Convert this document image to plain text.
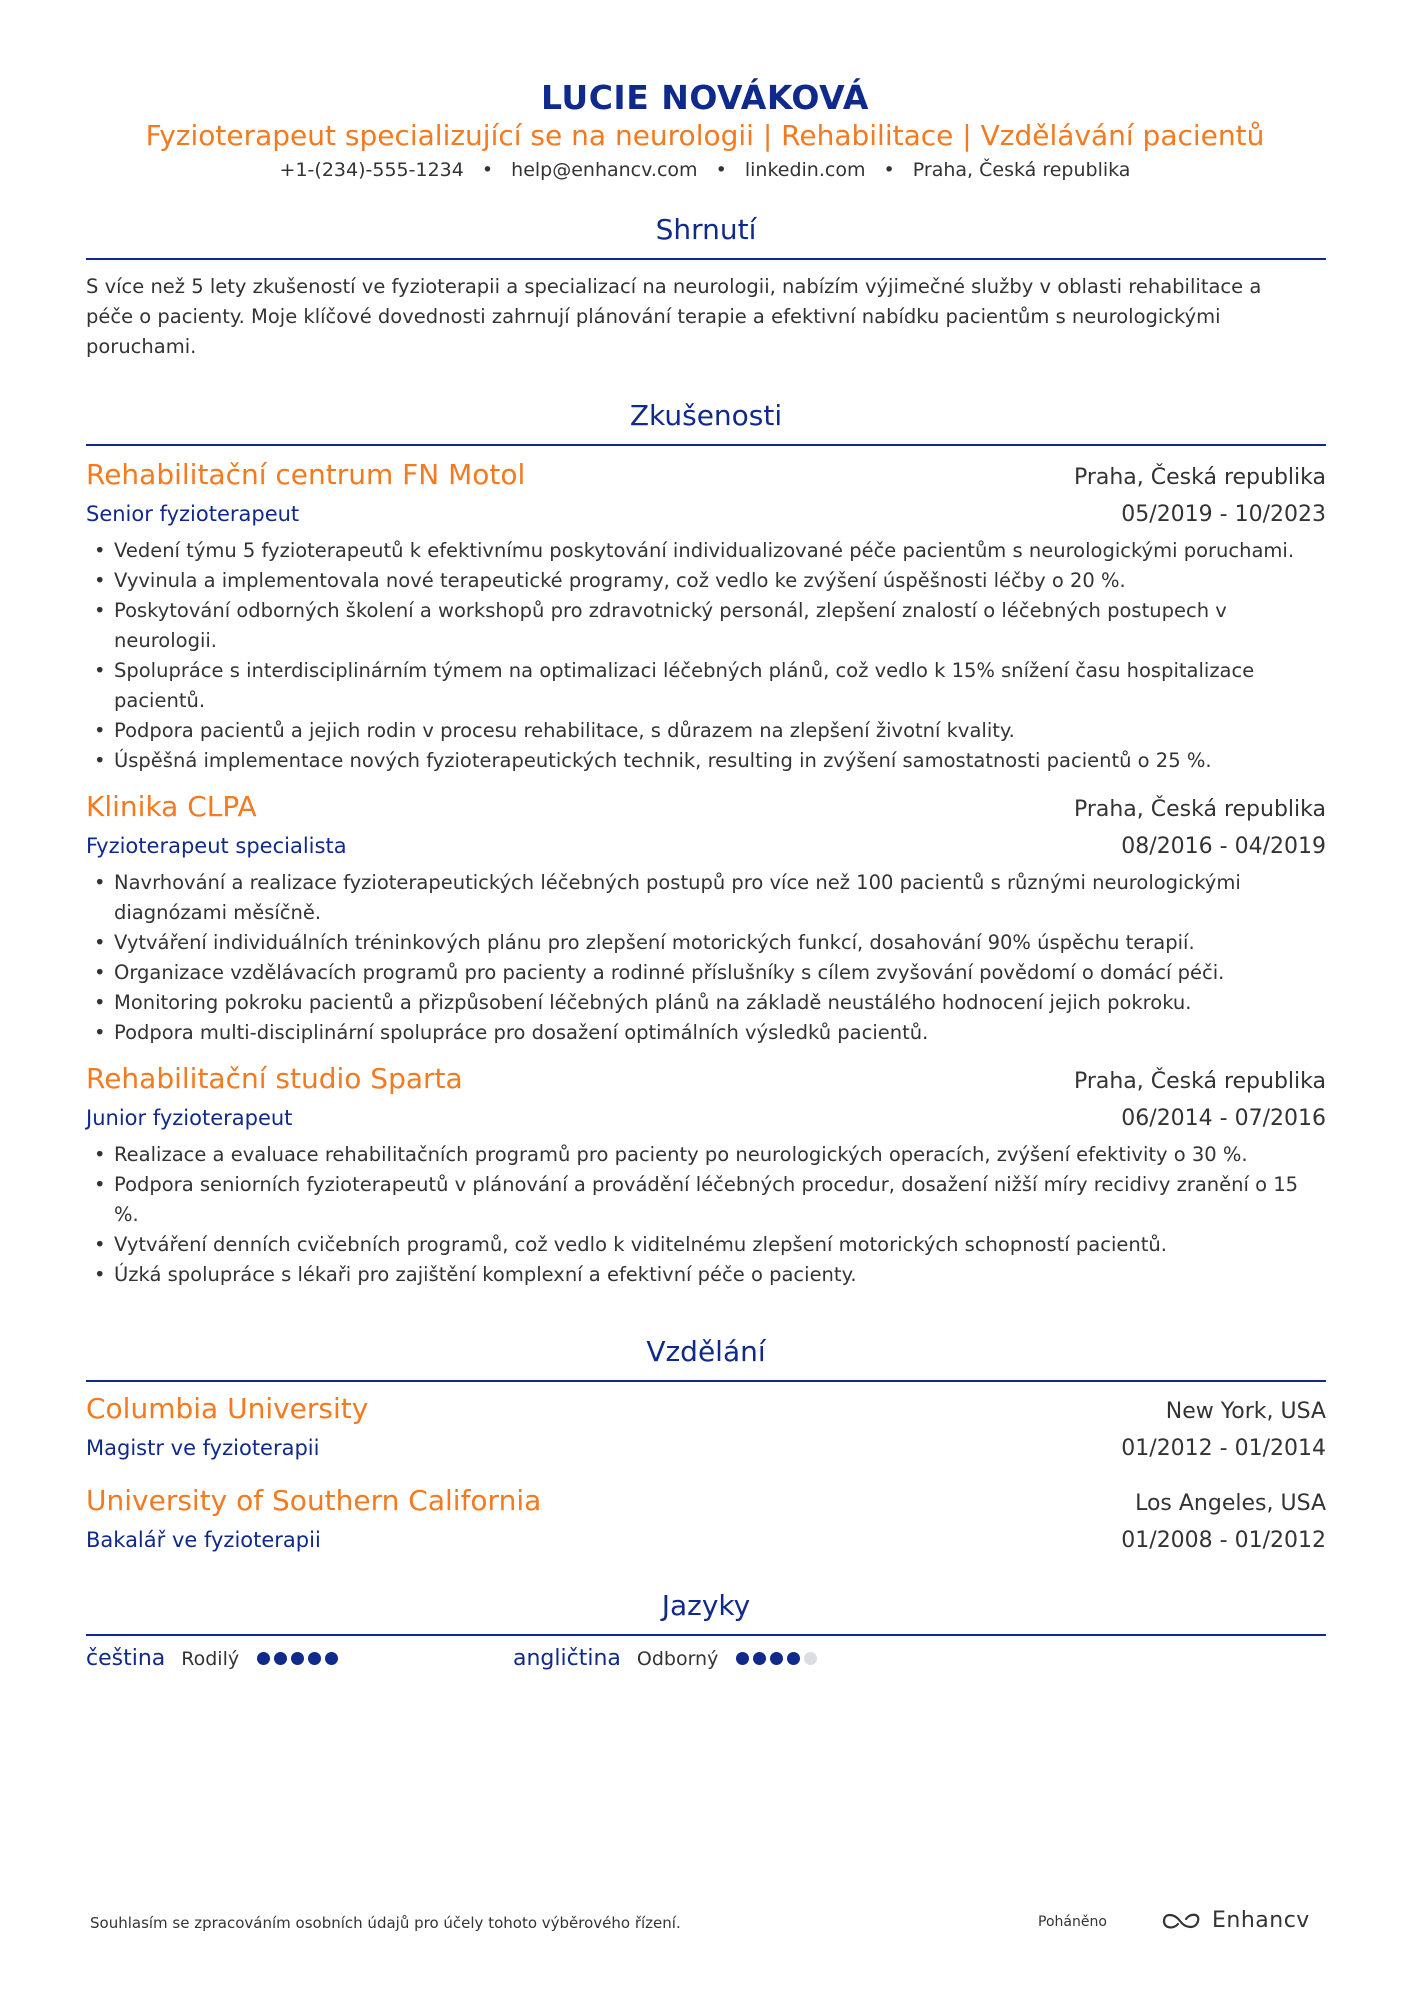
LUCIE NOVÁKOVÁ
Fyzioterapeut specializující se na neurologii | Rehabilitace | Vzdělávání pacientů
+1-(234)-555-1234 • help@enhancv.com • linkedin.com • Praha, Česká republika
Shrnutí
S více než 5 lety zkušeností ve fyzioterapii a specializací na neurologii, nabízím výjimečné služby v oblasti rehabilitace a péče o pacienty. Moje klíčové dovednosti zahrnují plánování terapie a efektivní nabídku pacientům s neurologickými poruchami.
Zkušenosti
Rehabilitační centrum FN Motol	Praha, Česká republika
Senior fyzioterapeut	05/2019 - 10/2023
• Vedení týmu 5 fyzioterapeutů k efektivnímu poskytování individualizované péče pacientům s neurologickými poruchami.
• Vyvinula a implementovala nové terapeutické programy, což vedlo ke zvýšení úspěšnosti léčby o 20 %.
• Poskytování odborných školení a workshopů pro zdravotnický personál, zlepšení znalostí o léčebných postupech v neurologii.
• Spolupráce s interdisciplinárním týmem na optimalizaci léčebných plánů, což vedlo k 15% snížení času hospitalizace pacientů.
• Podpora pacientů a jejich rodin v procesu rehabilitace, s důrazem na zlepšení životní kvality.
• Úspěšná implementace nových fyzioterapeutických technik, resulting in zvýšení samostatnosti pacientů o 25 %.
Klinika CLPA	Praha, Česká republika
Fyzioterapeut specialista	08/2016 - 04/2019
• Navrhování a realizace fyzioterapeutických léčebných postupů pro více než 100 pacientů s různými neurologickými diagnózami měsíčně.
• Vytváření individuálních tréninkových plánu pro zlepšení motorických funkcí, dosahování 90% úspěchu terapií.
• Organizace vzdělávacích programů pro pacienty a rodinné příslušníky s cílem zvyšování povědomí o domácí péči.
• Monitoring pokroku pacientů a přizpůsobení léčebných plánů na základě neustálého hodnocení jejich pokroku.
• Podpora multi-disciplinární spolupráce pro dosažení optimálních výsledků pacientů.
Rehabilitační studio Sparta	Praha, Česká republika
Junior fyzioterapeut	06/2014 - 07/2016
• Realizace a evaluace rehabilitačních programů pro pacienty po neurologických operacích, zvýšení efektivity o 30 %.
• Podpora seniorních fyzioterapeutů v plánování a provádění léčebných procedur, dosažení nižší míry recidivy zranění o 15 %.
• Vytváření denních cvičebních programů, což vedlo k viditelnému zlepšení motorických schopností pacientů.
• Úzká spolupráce s lékaři pro zajištění komplexní a efektivní péče o pacienty.
Vzdělání
Columbia University	New York, USA
Magistr ve fyzioterapii	01/2012 - 01/2014
University of Southern California	Los Angeles, USA
Bakalář ve fyzioterapii	01/2008 - 01/2012
Jazyky
čeština Rodilý	angličtina Odborný
Souhlasím se zpracováním osobních údajů pro účely tohoto výběrového řízení.	Poháněno	Enhancv
